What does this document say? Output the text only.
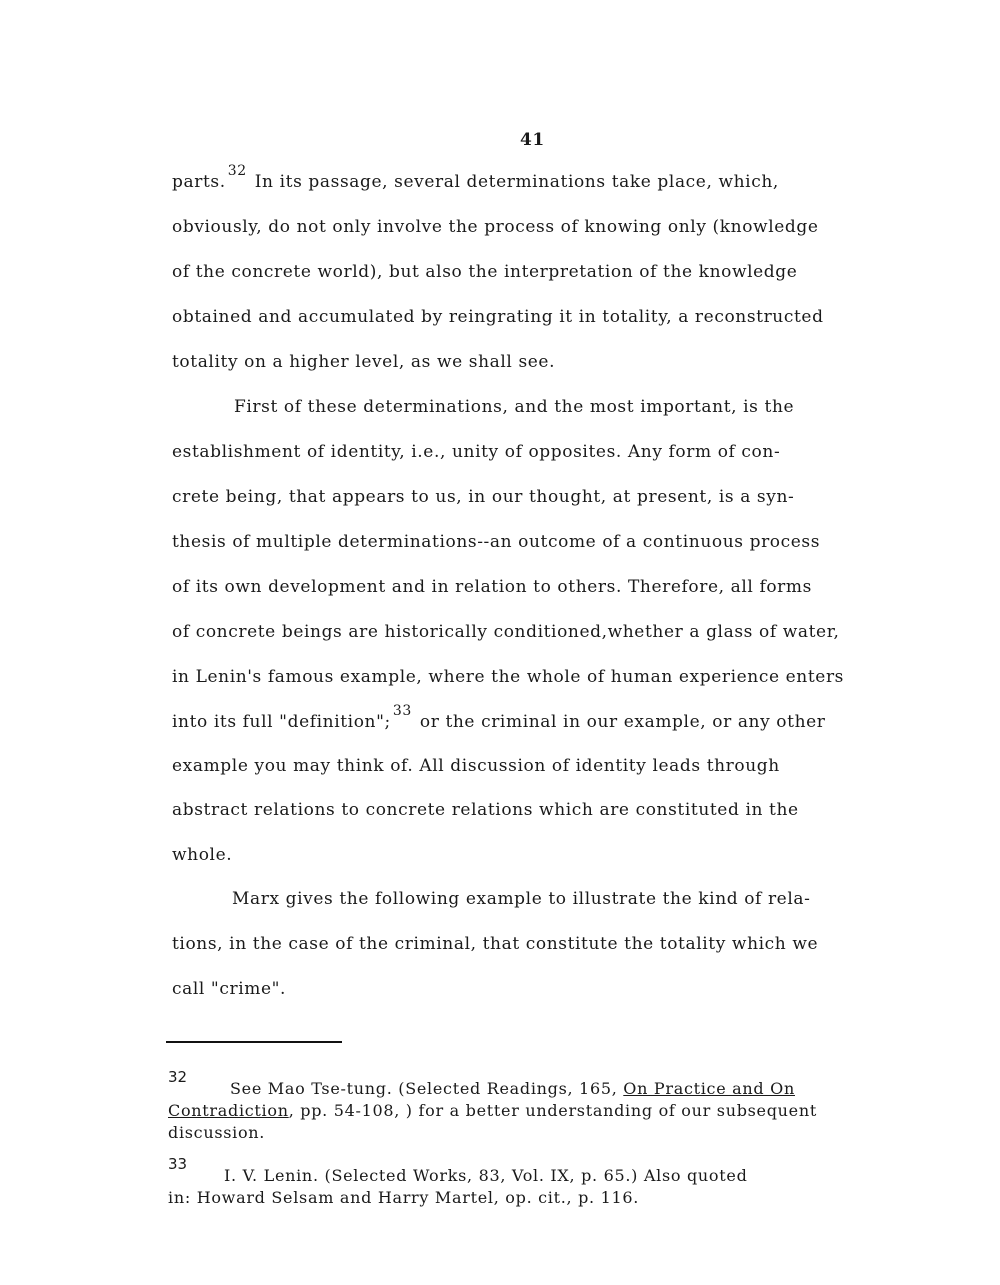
41
parts.$^{32}$ In its passage, several determinations take place, which,
obviously, do not only involve the process of knowing only (knowledge
of the concrete world), but also the interpretation of the knowledge
obtained and accumulated by reingrating it in totality, a reconstructed
totality on a higher level, as we shall see.
First of these determinations, and the most important, is the
establishment of identity, i.e., unity of opposites. Any form of con-
crete being, that appears to us, in our thought, at present, is a syn-
thesis of multiple determinations--an outcome of a continuous process
of its own development and in relation to others. Therefore, all forms
of concrete beings are historically conditioned,whether a glass of water,
in Lenin's famous example, where the whole of human experience enters
into its full "definition";$^{33}$ or the criminal in our example, or any other
example you may think of. All discussion of identity leads through
abstract relations to concrete relations which are constituted in the
whole.
Marx gives the following example to illustrate the kind of rela-
tions, in the case of the criminal, that constitute the totality which we
call "crime".
32
See Mao Tse-tung. (Selected Readings, 165, On Practice and On
Contradiction, pp. 54-108, ) for a better understanding of our subsequent
discussion.
33
I. V. Lenin. (Selected Works, 83, Vol. IX, p. 65.) Also quoted
in: Howard Selsam and Harry Martel, op. cit., p. 116.
